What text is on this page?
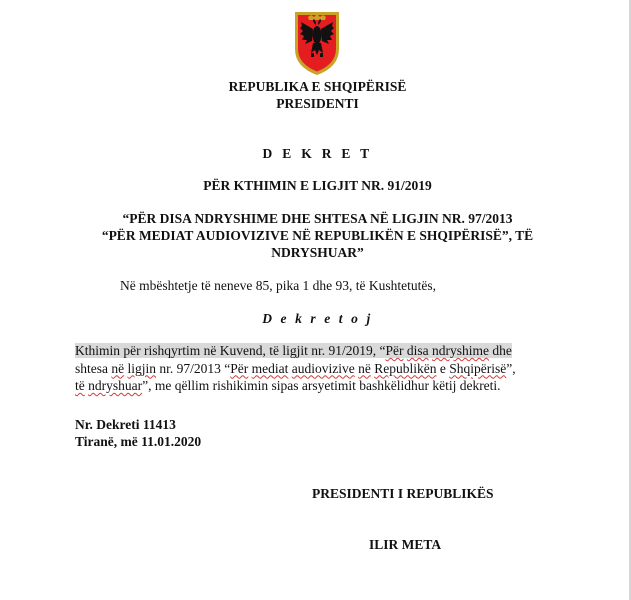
REPUBLIKA E SHQIPËRISË
PRESIDENTI
D E K R E T
PËR KTHIMIN E LIGJIT NR. 91/2019
“PËR DISA NDRYSHIME DHE SHTESA NË LIGJIN NR. 97/2013
“PËR MEDIAT AUDIOVIZIVE NË REPUBLIKËN E SHQIPËRISË”, TË
NDRYSHUAR”
Në mbështetje të neneve 85, pika 1 dhe 93, të Kushtetutës,
D e k r e t o j
Kthimin për rishqyrtim në Kuvend, të ligjit nr. 91/2019, “Për disa ndryshime dhe
shtesa në ligjin nr. 97/2013 “Për mediat audiovizive në Republikën e Shqipërisë”,
të ndryshuar”, me qëllim rishikimin sipas arsyetimit bashkëlidhur këtij dekreti.
Nr. Dekreti 11413
Tiranë, më 11.01.2020
PRESIDENTI I REPUBLIKËS
ILIR META
